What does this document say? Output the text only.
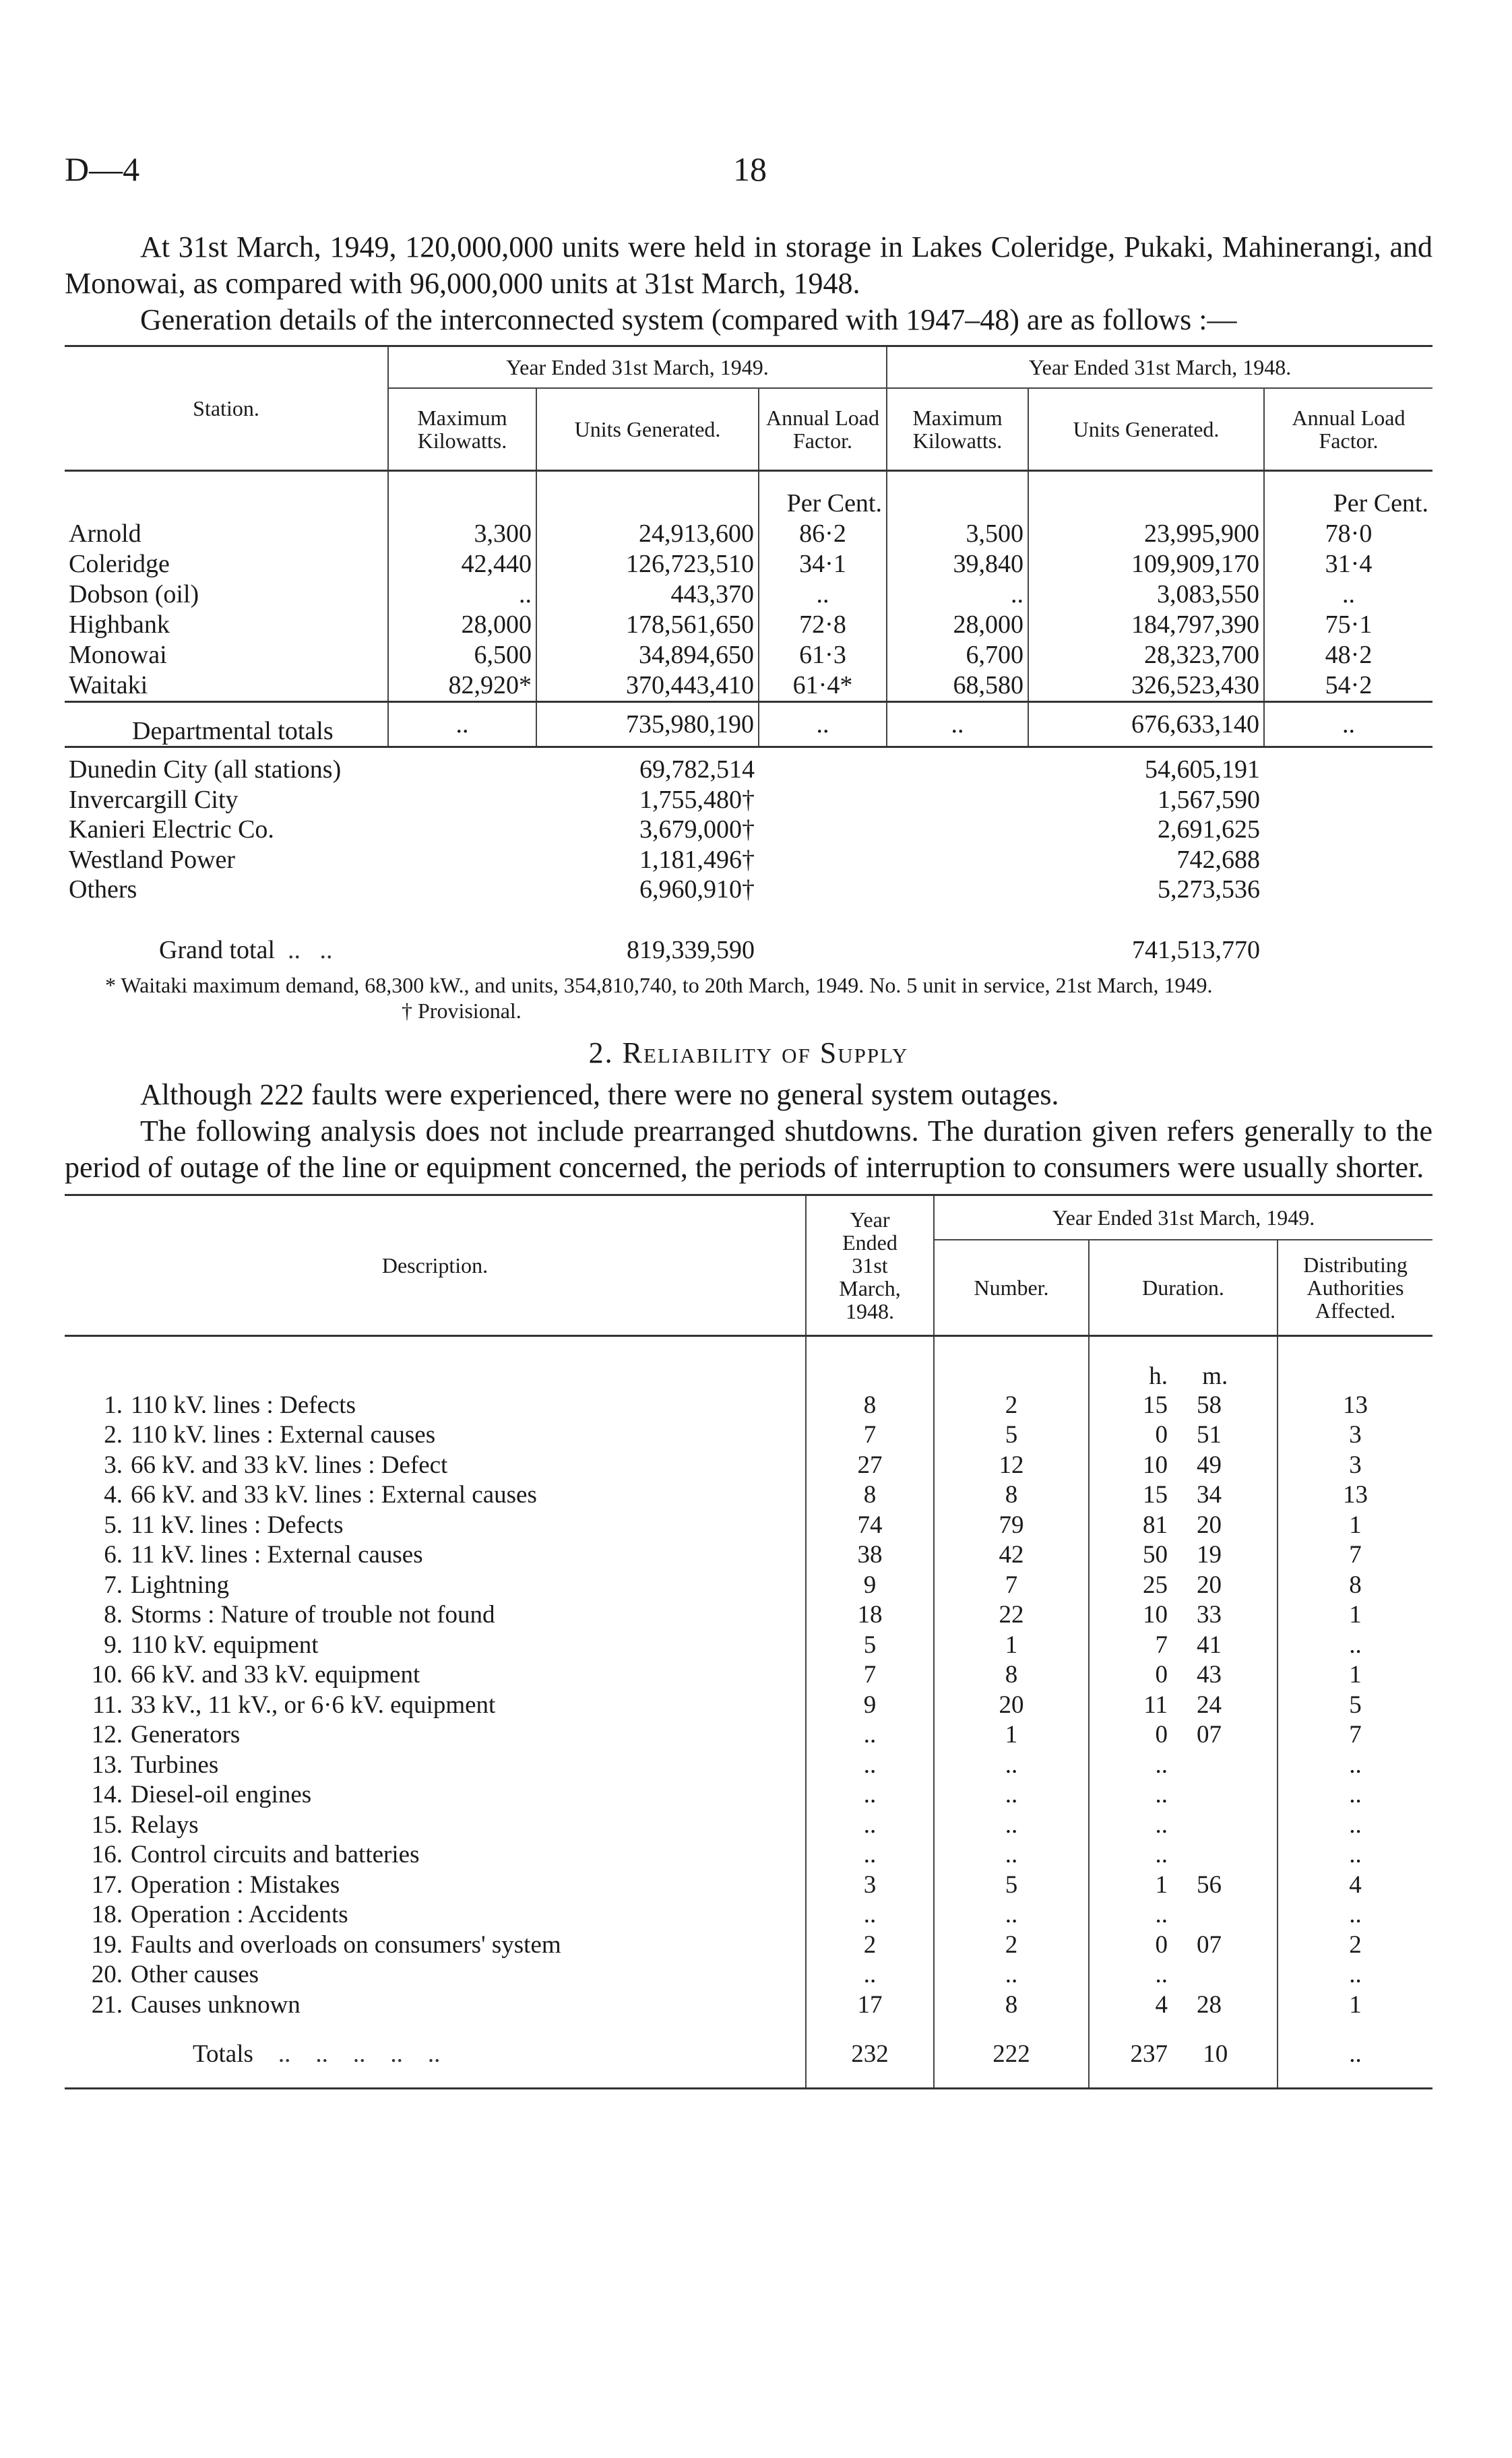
D—4	18

At 31st March, 1949, 120,000,000 units were held in storage in Lakes Coleridge, Pukaki, Mahinerangi, and Monowai, as compared with 96,000,000 units at 31st March, 1948.

Generation details of the interconnected system (compared with 1947–48) are as follows :—

Station.	Year Ended 31st March, 1949.			Year Ended 31st March, 1948.		
	Maximum Kilowatts.	Units Generated.	Annual Load Factor.	Maximum Kilowatts.	Units Generated.	Annual Load Factor.
			Per Cent.			Per Cent.
Arnold	3,300	24,913,600	86·2	3,500	23,995,900	78·0
Coleridge	42,440	126,723,510	34·1	39,840	109,909,170	31·4
Dobson (oil)	..	443,370	..	..	3,083,550	..
Highbank	28,000	178,561,650	72·8	28,000	184,797,390	75·1
Monowai	6,500	34,894,650	61·3	6,700	28,323,700	48·2
Waitaki	82,920*	370,443,410	61·4*	68,580	326,523,430	54·2
Departmental totals	..	735,980,190	..	..	676,633,140	..

Dunedin City (all stations)		69,782,514			54,605,191	
Invercargill City		1,755,480†			1,567,590	
Kanieri Electric Co.		3,679,000†			2,691,625	
Westland Power		1,181,496†			742,688	
Others		6,960,910†			5,273,536	
Grand total  ..   ..		819,339,590			741,513,770	
* Waitaki maximum demand, 68,300 kW., and units, 354,810,740, to 20th March, 1949. No. 5 unit in service, 21st March, 1949.
† Provisional.
2. Reliability of Supply

Although 222 faults were experienced, there were no general system outages.

The following analysis does not include prearranged shutdowns. The duration given refers generally to the period of outage of the line or equipment concerned, the periods of interruption to consumers were usually shorter.

Description.	Year Ended 31st March, 1948.	Year Ended 31st March, 1949.		
		Number.	Duration.	Distributing Authorities Affected.
			h. m.	
1. 110 kV. lines : Defects	8	2	15 58	13
2. 110 kV. lines : External causes	7	5	0 51	3
3. 66 kV. and 33 kV. lines : Defect	27	12	10 49	3
4. 66 kV. and 33 kV. lines : External causes	8	8	15 34	13
5. 11 kV. lines : Defects	74	79	81 20	1
6. 11 kV. lines : External causes	38	42	50 19	7
7. Lightning	9	7	25 20	8
8. Storms : Nature of trouble not found	18	22	10 33	1
9. 110 kV. equipment	5	1	7 41	..
10. 66 kV. and 33 kV. equipment	7	8	0 43	1
11. 33 kV., 11 kV., or 6·6 kV. equipment	9	20	11 24	5
12. Generators	..	1	0 07	7
13. Turbines	..	..	..	..
14. Diesel-oil engines	..	..	..	..
15. Relays	..	..	..	..
16. Control circuits and batteries	..	..	..	..
17. Operation : Mistakes	3	5	1 56	4
18. Operation : Accidents	..	..	..	..
19. Faults and overloads on consumers' system	2	2	0 07	2
20. Other causes	..	..	..	..
21. Causes unknown	17	8	4 28	1
Totals    ..    ..    ..    ..    ..	232	222	237 10	..
